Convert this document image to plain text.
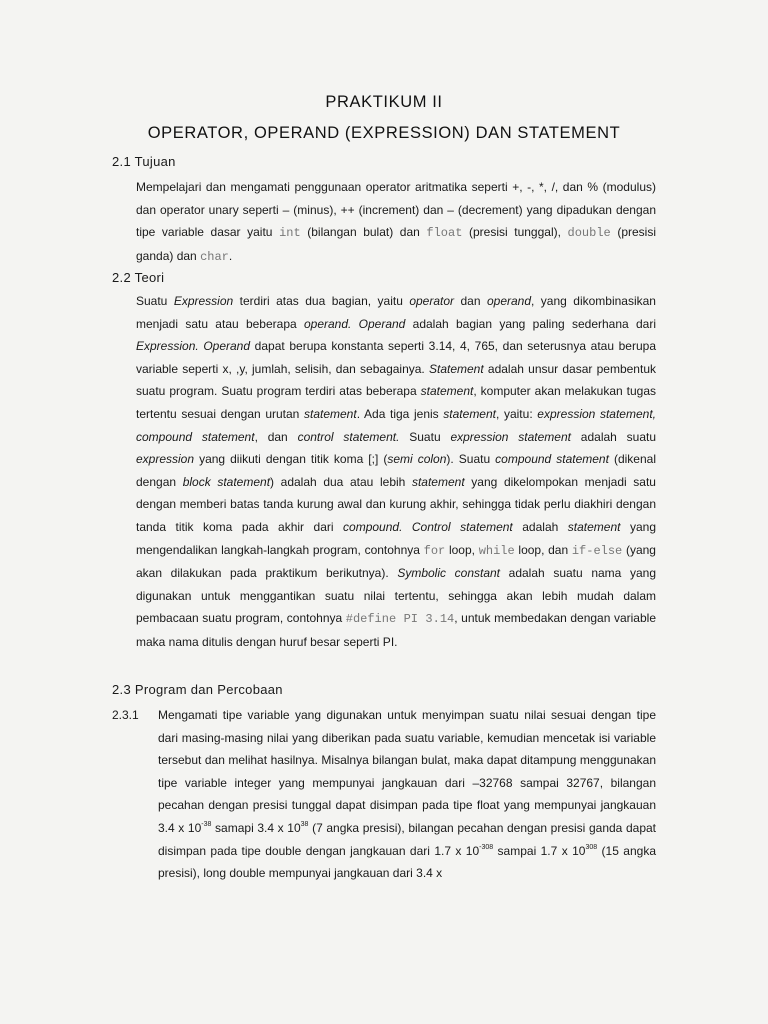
PRAKTIKUM II
OPERATOR, OPERAND (EXPRESSION) DAN STATEMENT
2.1 Tujuan
Mempelajari dan mengamati penggunaan operator aritmatika seperti +, -, *, /, dan % (modulus) dan operator unary seperti – (minus), ++ (increment) dan – (decrement) yang dipadukan dengan tipe variable dasar yaitu int (bilangan bulat) dan float (presisi tunggal), double (presisi ganda) dan char.
2.2 Teori
Suatu Expression terdiri atas dua bagian, yaitu operator dan operand, yang dikombinasikan menjadi satu atau beberapa operand. Operand adalah bagian yang paling sederhana dari Expression. Operand dapat berupa konstanta seperti 3.14, 4, 765, dan seterusnya atau berupa variable seperti x, ,y, jumlah, selisih, dan sebagainya. Statement adalah unsur dasar pembentuk suatu program. Suatu program terdiri atas beberapa statement, komputer akan melakukan tugas tertentu sesuai dengan urutan statement. Ada tiga jenis statement, yaitu: expression statement, compound statement, dan control statement. Suatu expression statement adalah suatu expression yang diikuti dengan titik koma [;] (semi colon). Suatu compound statement (dikenal dengan block statement) adalah dua atau lebih statement yang dikelompokan menjadi satu dengan memberi batas tanda kurung awal dan kurung akhir, sehingga tidak perlu diakhiri dengan tanda titik koma pada akhir dari compound. Control statement adalah statement yang mengendalikan langkah-langkah program, contohnya for loop, while loop, dan if-else (yang akan dilakukan pada praktikum berikutnya). Symbolic constant adalah suatu nama yang digunakan untuk menggantikan suatu nilai tertentu, sehingga akan lebih mudah dalam pembacaan suatu program, contohnya #define PI 3.14, untuk membedakan dengan variable maka nama ditulis dengan huruf besar seperti PI.
2.3 Program dan Percobaan
2.3.1 Mengamati tipe variable yang digunakan untuk menyimpan suatu nilai sesuai dengan tipe dari masing-masing nilai yang diberikan pada suatu variable, kemudian mencetak isi variable tersebut dan melihat hasilnya. Misalnya bilangan bulat, maka dapat ditampung menggunakan tipe variable integer yang mempunyai jangkauan dari –32768 sampai 32767, bilangan pecahan dengan presisi tunggal dapat disimpan pada tipe float yang mempunyai jangkauan 3.4 x $10^{-38}$ samapi 3.4 x $10^{38}$ (7 angka presisi), bilangan pecahan dengan presisi ganda dapat disimpan pada tipe double dengan jangkauan dari 1.7 x $10^{-308}$ sampai 1.7 x $10^{308}$ (15 angka presisi), long double mempunyai jangkauan dari 3.4 x
